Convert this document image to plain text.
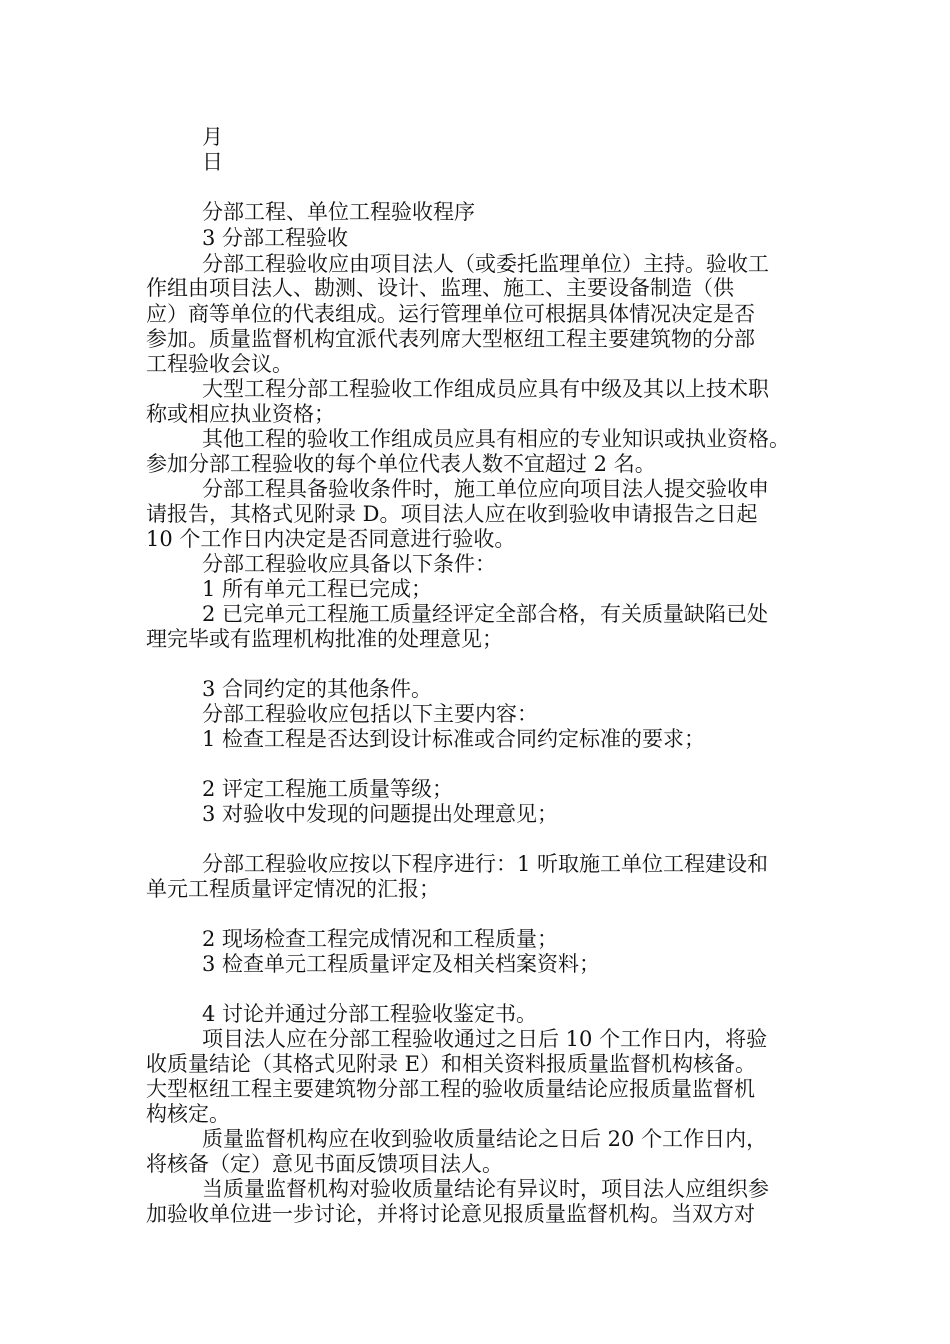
月
日
分部工程、单位工程验收程序
3 分部工程验收
分部工程验收应由项目法人（或委托监理单位）主持。验收工
作组由项目法人、勘测、设计、监理、施工、主要设备制造（供
应）商等单位的代表组成。运行管理单位可根据具体情况决定是否
参加。质量监督机构宜派代表列席大型枢纽工程主要建筑物的分部
工程验收会议。
大型工程分部工程验收工作组成员应具有中级及其以上技术职
称或相应执业资格；
其他工程的验收工作组成员应具有相应的专业知识或执业资格。
参加分部工程验收的每个单位代表人数不宜超过 2 名。
分部工程具备验收条件时，施工单位应向项目法人提交验收申
请报告，其格式见附录 D。项目法人应在收到验收申请报告之日起
10 个工作日内决定是否同意进行验收。
分部工程验收应具备以下条件：
1 所有单元工程已完成；
2 已完单元工程施工质量经评定全部合格，有关质量缺陷已处
理完毕或有监理机构批准的处理意见；
3 合同约定的其他条件。
分部工程验收应包括以下主要内容：
1 检查工程是否达到设计标准或合同约定标准的要求；
2 评定工程施工质量等级；
3 对验收中发现的问题提出处理意见；
分部工程验收应按以下程序进行：1 听取施工单位工程建设和
单元工程质量评定情况的汇报；
2 现场检查工程完成情况和工程质量；
3 检查单元工程质量评定及相关档案资料；
4 讨论并通过分部工程验收鉴定书。
项目法人应在分部工程验收通过之日后 10 个工作日内，将验
收质量结论（其格式见附录 E）和相关资料报质量监督机构核备。
大型枢纽工程主要建筑物分部工程的验收质量结论应报质量监督机
构核定。
质量监督机构应在收到验收质量结论之日后 20 个工作日内，
将核备（定）意见书面反馈项目法人。
当质量监督机构对验收质量结论有异议时，项目法人应组织参
加验收单位进一步讨论，并将讨论意见报质量监督机构。当双方对
